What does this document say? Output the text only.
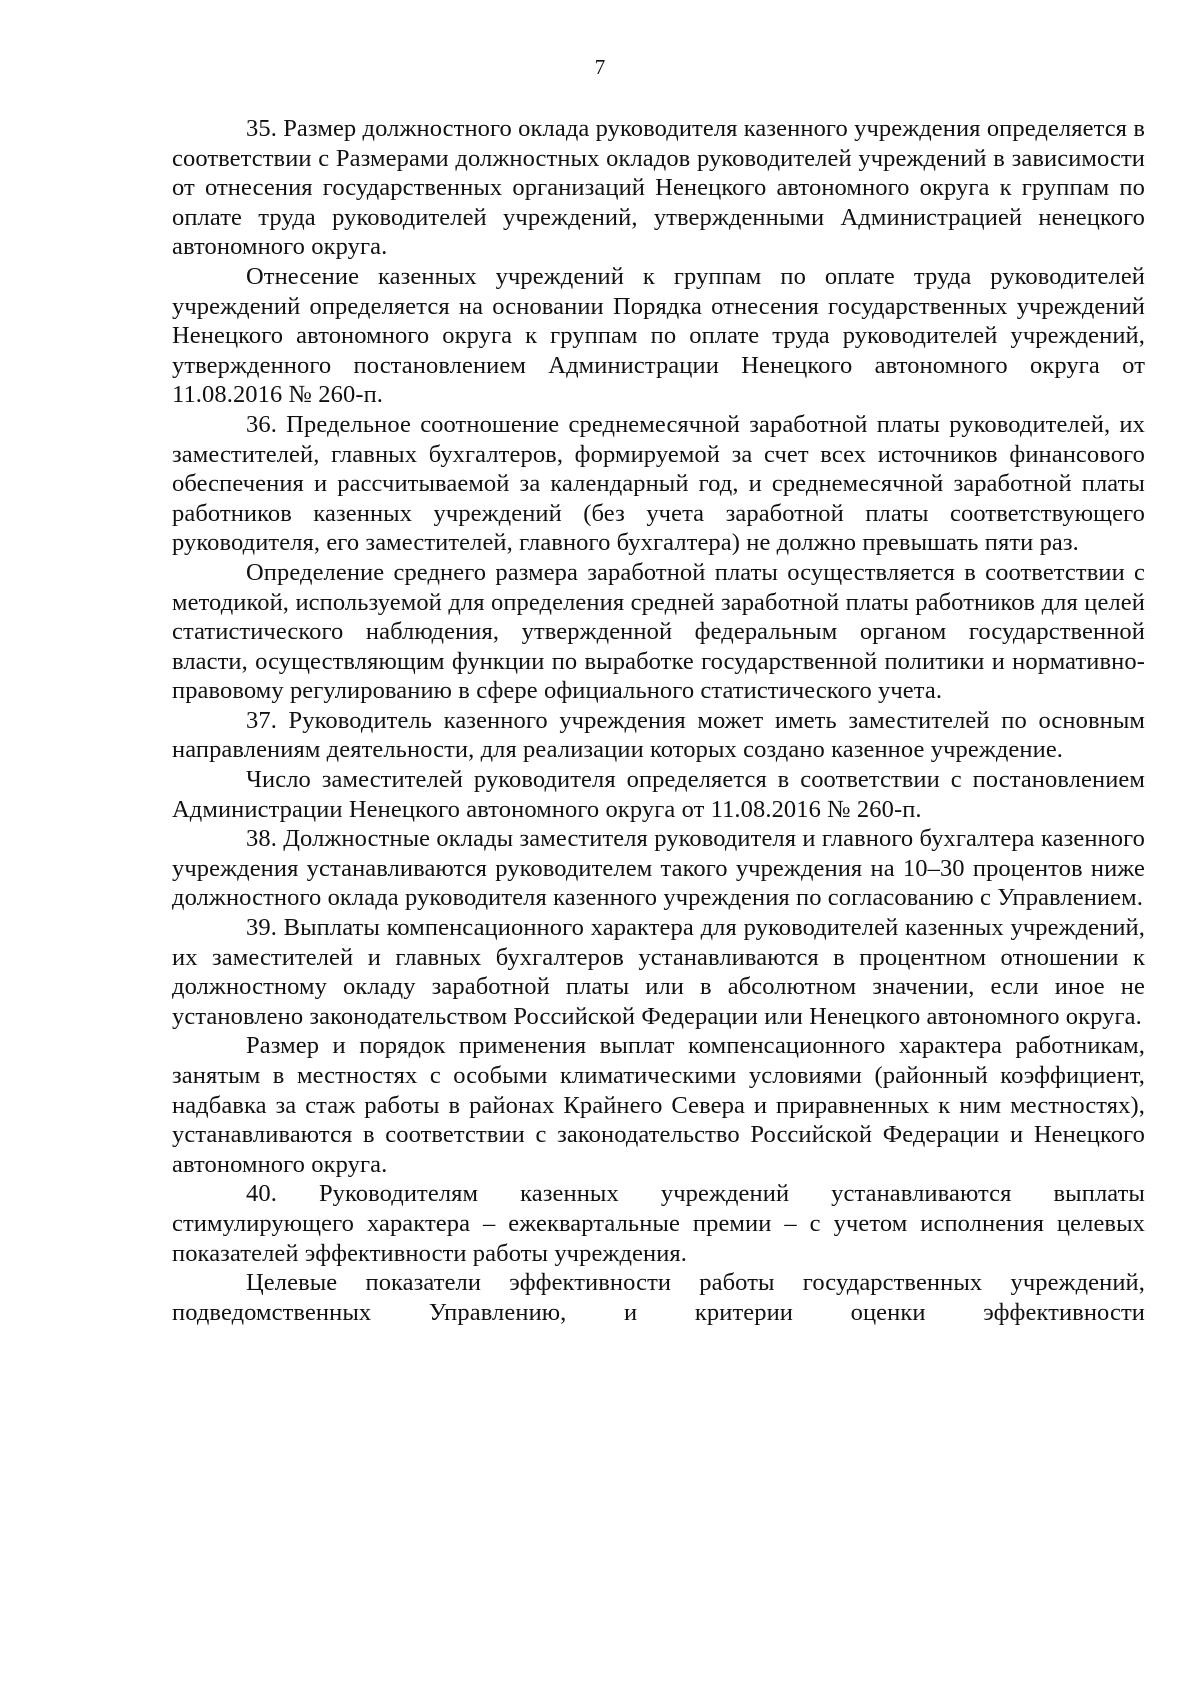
7

35. Размер должностного оклада руководителя казенного учреждения определяется в соответствии с Размерами должностных окладов руководителей учреждений в зависимости от отнесения государственных организаций Ненецкого автономного округа к группам по оплате труда руководителей учреждений, утвержденными Администрацией ненецкого автономного округа.

Отнесение казенных учреждений к группам по оплате труда руководителей учреждений определяется на основании Порядка отнесения государственных учреждений Ненецкого автономного округа к группам по оплате труда руководителей учреждений, утвержденного постановлением Администрации Ненецкого автономного округа от 11.08.2016 № 260-п.

36. Предельное соотношение среднемесячной заработной платы руководителей, их заместителей, главных бухгалтеров, формируемой за счет всех источников финансового обеспечения и рассчитываемой за календарный год, и среднемесячной заработной платы работников казенных учреждений (без учета заработной платы соответствующего руководителя, его заместителей, главного бухгалтера) не должно превышать пяти раз.

Определение среднего размера заработной платы осуществляется в соответствии с методикой, используемой для определения средней заработной платы работников для целей статистического наблюдения, утвержденной федеральным органом государственной власти, осуществляющим функции по выработке государственной политики и нормативно-правовому регулированию в сфере официального статистического учета.

37. Руководитель казенного учреждения может иметь заместителей по основным направлениям деятельности, для реализации которых создано казенное учреждение.

Число заместителей руководителя определяется в соответствии с постановлением Администрации Ненецкого автономного округа от 11.08.2016 № 260-п.

38. Должностные оклады заместителя руководителя и главного бухгалтера казенного учреждения устанавливаются руководителем такого учреждения на 10–30 процентов ниже должностного оклада руководителя казенного учреждения по согласованию с Управлением.

39. Выплаты компенсационного характера для руководителей казенных учреждений, их заместителей и главных бухгалтеров устанавливаются в процентном отношении к должностному окладу заработной платы или в абсолютном значении, если иное не установлено законодательством Российской Федерации или Ненецкого автономного округа.

Размер и порядок применения выплат компенсационного характера работникам, занятым в местностях с особыми климатическими условиями (районный коэффициент, надбавка за стаж работы в районах Крайнего Севера и приравненных к ним местностях), устанавливаются в соответствии с законодательство Российской Федерации и Ненецкого автономного округа.

40. Руководителям казенных учреждений устанавливаются выплаты стимулирующего характера – ежеквартальные премии – с учетом исполнения целевых показателей эффективности работы учреждения.

Целевые показатели эффективности работы государственных учреждений, подведомственных Управлению, и критерии оценки эффективности
